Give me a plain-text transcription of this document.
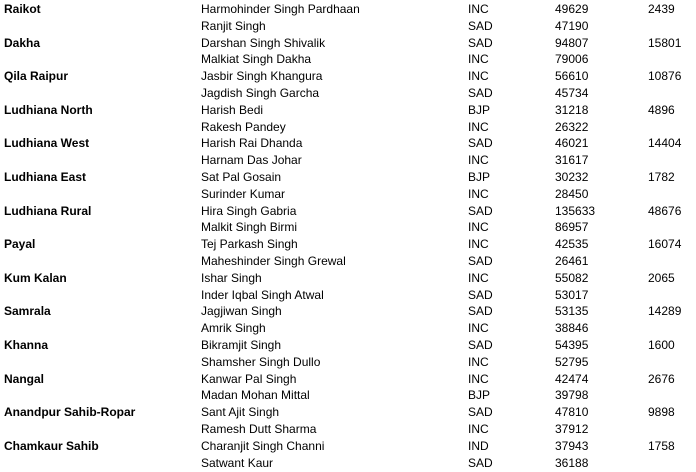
Raikot	Harmohinder Singh Pardhaan	INC	49629	2439
Ranjit Singh	SAD	47190
Dakha	Darshan Singh Shivalik	SAD	94807	15801
Malkiat Singh Dakha	INC	79006
Qila Raipur	Jasbir Singh Khangura	INC	56610	10876
Jagdish Singh Garcha	SAD	45734
Ludhiana North	Harish Bedi	BJP	31218	4896
Rakesh Pandey	INC	26322
Ludhiana West	Harish Rai Dhanda	SAD	46021	14404
Harnam Das Johar	INC	31617
Ludhiana East	Sat Pal Gosain	BJP	30232	1782
Surinder Kumar	INC	28450
Ludhiana Rural	Hira Singh Gabria	SAD	135633	48676
Malkit Singh Birmi	INC	86957
Payal	Tej Parkash Singh	INC	42535	16074
Maheshinder Singh Grewal	SAD	26461
Kum Kalan	Ishar Singh	INC	55082	2065
Inder Iqbal Singh Atwal	SAD	53017
Samrala	Jagjiwan Singh	SAD	53135	14289
Amrik Singh	INC	38846
Khanna	Bikramjit Singh	SAD	54395	1600
Shamsher Singh Dullo	INC	52795
Nangal	Kanwar Pal Singh	INC	42474	2676
Madan Mohan Mittal	BJP	39798
Anandpur Sahib-Ropar	Sant Ajit Singh	SAD	47810	9898
Ramesh Dutt Sharma	INC	37912
Chamkaur Sahib	Charanjit Singh Channi	IND	37943	1758
Satwant Kaur	SAD	36188
